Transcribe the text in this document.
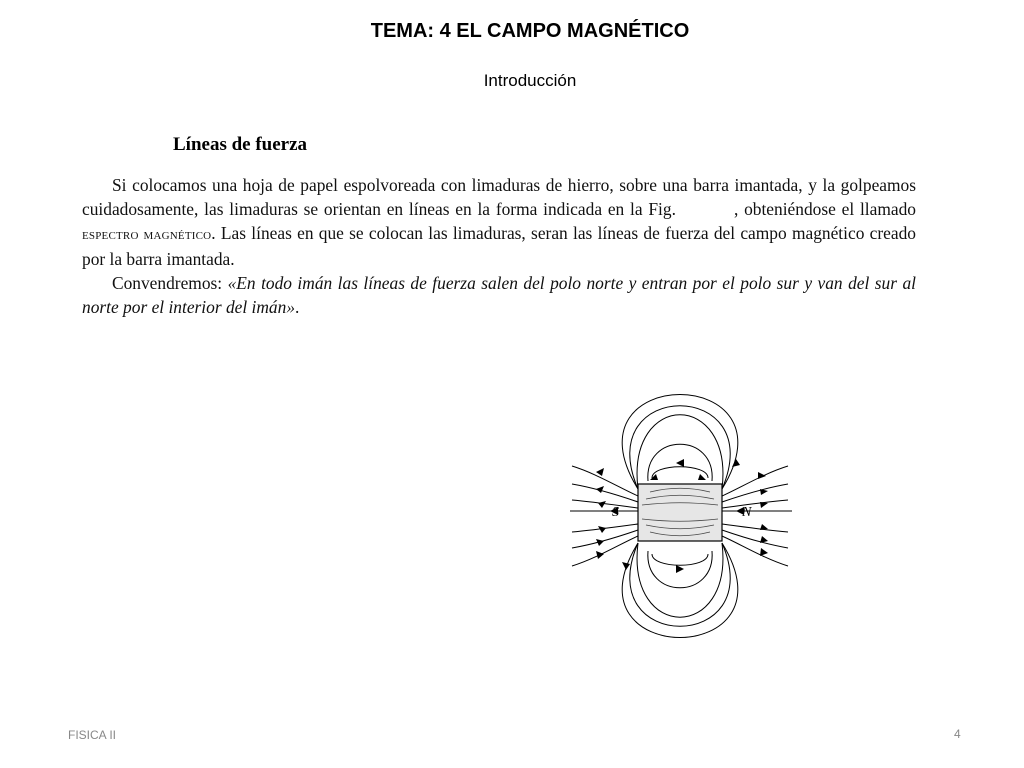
TEMA: 4 EL CAMPO MAGNÉTICO
Introducción
Líneas de fuerza

Si colocamos una hoja de papel espolvoreada con limaduras de hierro, sobre una barra imantada, y la golpeamos cuidadosamente, las limaduras se orientan en líneas en la forma indicada en la Fig.	, obteniéndose el llamado espectro magnético. Las líneas en que se colocan las limaduras, seran las líneas de fuerza del campo magnético creado por la barra imantada.

Convendremos: «En todo imán las líneas de fuerza salen del polo norte y entran por el polo sur y van del sur al norte por el interior del imán».

S	N
FISICA II	4
